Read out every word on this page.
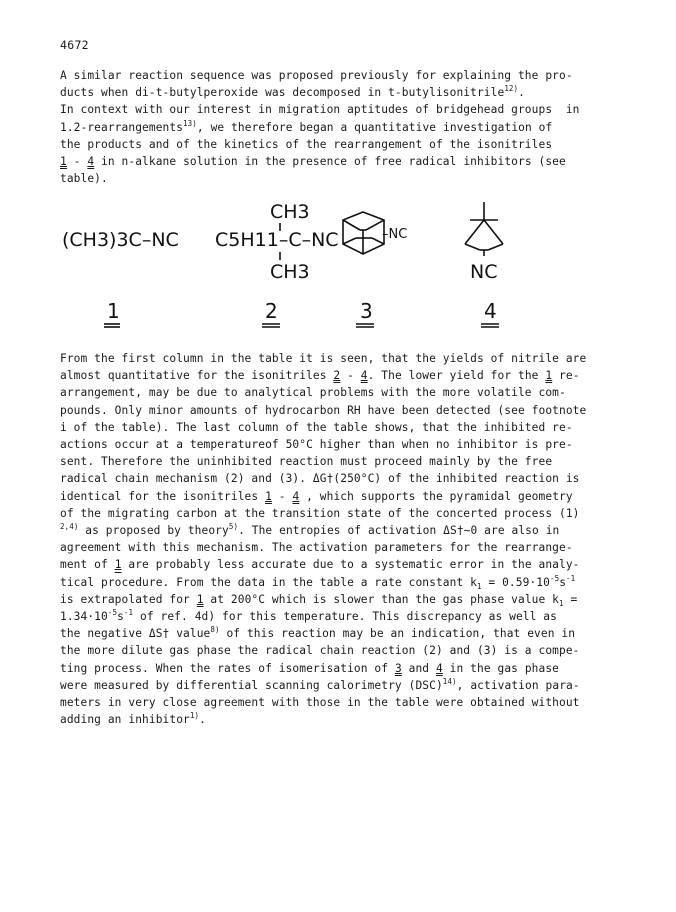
4672
A similar reaction sequence was proposed previously for explaining the pro-
ducts when di-t-butylperoxide was decomposed in t-butylisonitrile$^{12)}$.
In context with our interest in migration aptitudes of bridgehead groups  in
1.2-rearrangements$^{13)}$, we therefore began a quantitative investigation of
the products and of the kinetics of the rearrangement of the isonitriles
1 - 4 in n-alkane solution in the presence of free radical inhibitors (see
table).
(CH3)3C–NC
1
CH3
C5H11–C–NC
CH3
2
–NC
3
NC
4
From the first column in the table it is seen, that the yields of nitrile are
almost quantitative for the isonitriles 2 - 4. The lower yield for the 1 re-
arrangement, may be due to analytical problems with the more volatile com-
pounds. Only minor amounts of hydrocarbon RH have been detected (see footnote
i of the table). The last column of the table shows, that the inhibited re-
actions occur at a temperatureof 50°C higher than when no inhibitor is pre-
sent. Therefore the uninhibited reaction must proceed mainly by the free
radical chain mechanism (2) and (3). ΔG†(250°C) of the inhibited reaction is
identical for the isonitriles 1 - 4 , which supports the pyramidal geometry
of the migrating carbon at the transition state of the concerted process (1)
$^{2,4)}$ as proposed by theory$^{5)}$. The entropies of activation ΔS†∼0 are also in
agreement with this mechanism. The activation parameters for the rearrange-
ment of 1 are probably less accurate due to a systematic error in the analy-
tical procedure. From the data in the table a rate constant $k_1 = 0.59\cdot 10^{-5}s^{-1}$
is extrapolated for 1 at 200°C which is slower than the gas phase value $k_1$ =
$1.34\cdot 10^{-5}s^{-1}$ of ref. 4d) for this temperature. This discrepancy as well as
the negative ΔS† value$^{8)}$ of this reaction may be an indication, that even in
the more dilute gas phase the radical chain reaction (2) and (3) is a compe-
ting process. When the rates of isomerisation of 3 and 4 in the gas phase
were measured by differential scanning calorimetry (DSC)$^{14)}$, activation para-
meters in very close agreement with those in the table were obtained without
adding an inhibitor$^{1)}$.
